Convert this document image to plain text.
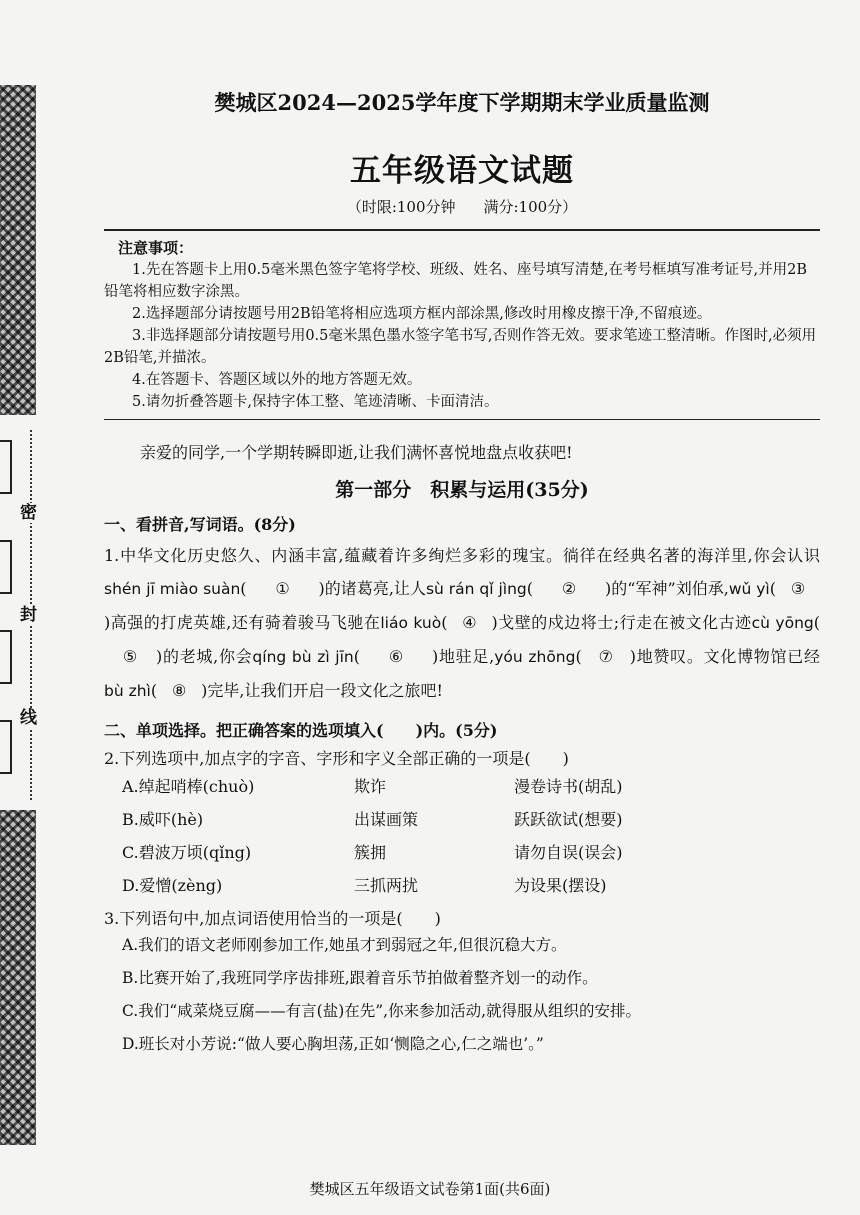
密
封
线
樊城区2024—2025学年度下学期期末学业质量监测
五年级语文试题
（时限:100分钟 满分:100分）
注意事项：

1.先在答题卡上用0.5毫米黑色签字笔将学校、班级、姓名、座号填写清楚,在考号框填写准考证号,并用2B铅笔将相应数字涂黑。

2.选择题部分请按题号用2B铅笔将相应选项方框内部涂黑,修改时用橡皮擦干净,不留痕迹。

3.非选择题部分请按题号用0.5毫米黑色墨水签字笔书写,否则作答无效。要求笔迹工整清晰。作图时,必须用2B铅笔,并描浓。

4.在答题卡、答题区域以外的地方答题无效。

5.请勿折叠答题卡,保持字体工整、笔迹清晰、卡面清洁。

亲爱的同学,一个学期转瞬即逝,让我们满怀喜悦地盘点收获吧!
第一部分　积累与运用(35分)
一、看拼音,写词语。(8分)
1.中华文化历史悠久、内涵丰富,蕴藏着许多绚烂多彩的瑰宝。徜徉在经典名著的海洋里,你会认识shén jī miào suàn( ① )的诸葛亮,让人sù rán qǐ jìng( ② )的“军神”刘伯承,wǔ yì( ③)高强的打虎英雄,还有骑着骏马飞驰在liáo kuò( ④ )戈壁的戍边将士;行走在被文化古迹cù yōng(⑤ )的老城,你会qíng bù zì jīn( ⑥ )地驻足,yóu zhōng( ⑦ )地赞叹。文化博物馆已经bù zhì( ⑧ )完毕,让我们开启一段文化之旅吧!
二、单项选择。把正确答案的选项填入(　　)内。(5分)
2.下列选项中,加点字的字音、字形和字义全部正确的一项是(　　)
A.绰起哨棒(chuò)	欺诈	漫卷诗书(胡乱)
B.威吓(hè)	出谋画策	跃跃欲试(想要)
C.碧波万顷(qǐng)	簇拥	请勿自误(误会)
D.爱憎(zèng)	三抓两扰	为设果(摆设)
3.下列语句中,加点词语使用恰当的一项是(　　)
A.我们的语文老师刚参加工作,她虽才到弱冠之年,但很沉稳大方。
B.比赛开始了,我班同学序齿排班,跟着音乐节拍做着整齐划一的动作。
C.我们“咸菜烧豆腐——有言(盐)在先”,你来参加活动,就得服从组织的安排。
D.班长对小芳说:“做人要心胸坦荡,正如‘恻隐之心,仁之端也’。”
樊城区五年级语文试卷第1面(共6面)
